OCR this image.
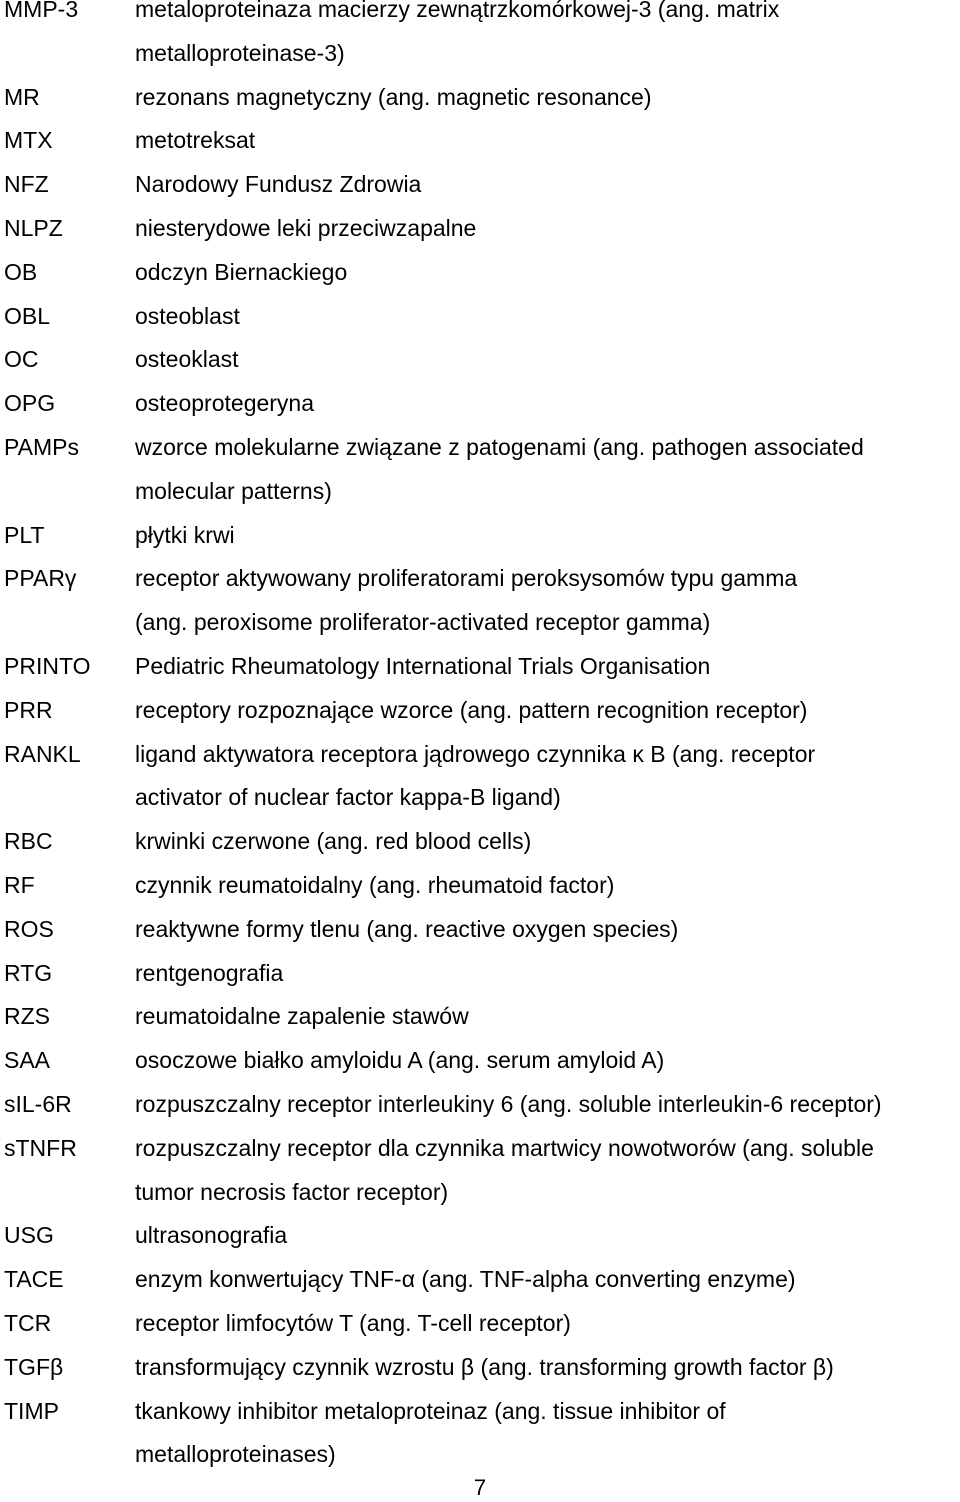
MMP-3	metaloproteinaza macierzy zewnątrzkomórkowej-3 (ang. matrix
metalloproteinase-3)
MR	rezonans magnetyczny (ang. magnetic resonance)
MTX	metotreksat
NFZ	Narodowy Fundusz Zdrowia
NLPZ	niesterydowe leki przeciwzapalne
OB	odczyn Biernackiego
OBL	osteoblast
OC	osteoklast
OPG	osteoprotegeryna
PAMPs	wzorce molekularne związane z patogenami (ang. pathogen associated
molecular patterns)
PLT	płytki krwi
PPARγ	receptor aktywowany proliferatorami peroksysomów typu gamma
(ang. peroxisome proliferator-activated receptor gamma)
PRINTO	Pediatric Rheumatology International Trials Organisation
PRR	receptory rozpoznające wzorce (ang. pattern recognition receptor)
RANKL	ligand aktywatora receptora jądrowego czynnika κ B (ang. receptor
activator of nuclear factor kappa-B ligand)
RBC	krwinki czerwone (ang. red blood cells)
RF	czynnik reumatoidalny (ang. rheumatoid factor)
ROS	reaktywne formy tlenu (ang. reactive oxygen species)
RTG	rentgenografia
RZS	reumatoidalne zapalenie stawów
SAA	osoczowe białko amyloidu A (ang. serum amyloid A)
sIL-6R	rozpuszczalny receptor interleukiny 6 (ang. soluble interleukin-6 receptor)
sTNFR	rozpuszczalny receptor dla czynnika martwicy nowotworów (ang. soluble
tumor necrosis factor receptor)
USG	ultrasonografia
TACE	enzym konwertujący TNF-α (ang. TNF-alpha converting enzyme)
TCR	receptor limfocytów T (ang. T-cell receptor)
TGFβ	transformujący czynnik wzrostu β (ang. transforming growth factor β)
TIMP	tkankowy inhibitor metaloproteinaz (ang. tissue inhibitor of
metalloproteinases)
7
